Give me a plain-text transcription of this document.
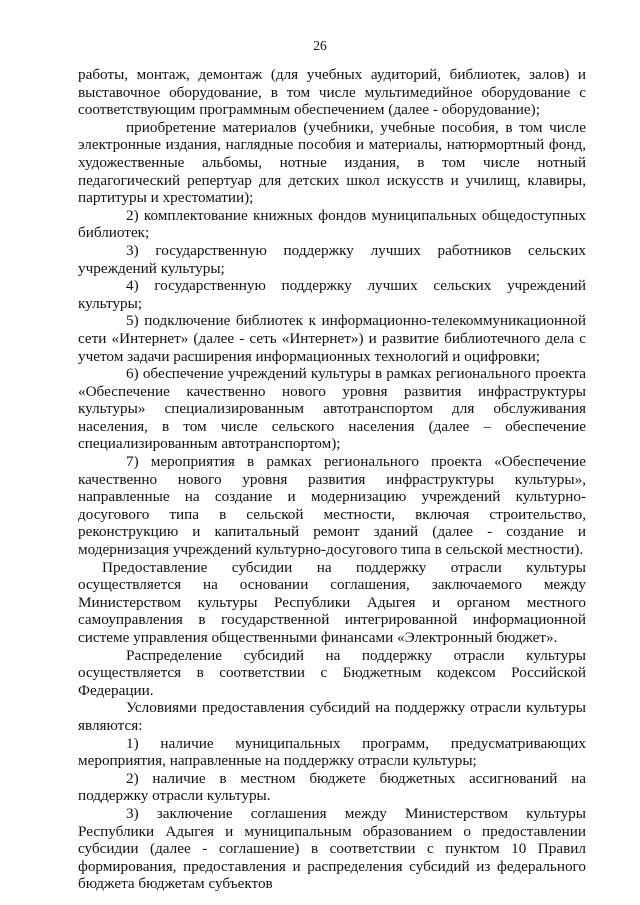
26

работы, монтаж, демонтаж (для учебных аудиторий, библиотек, залов) и выставочное оборудование, в том числе мультимедийное оборудование с соответствующим программным обеспечением (далее - оборудование);

приобретение материалов (учебники, учебные пособия, в том числе электронные издания, наглядные пособия и материалы, натюрмортный фонд, художественные альбомы, нотные издания, в том числе нотный педагогический репертуар для детских школ искусств и училищ, клавиры, партитуры и хрестоматии);

2) комплектование книжных фондов муниципальных общедоступных библиотек;

3) государственную поддержку лучших работников сельских учреждений культуры;

4) государственную поддержку лучших сельских учреждений культуры;

5) подключение библиотек к информационно-телекоммуникационной сети «Интернет» (далее - сеть «Интернет») и развитие библиотечного дела с учетом задачи расширения информационных технологий и оцифровки;

6) обеспечение учреждений культуры в рамках регионального проекта «Обеспечение качественно нового уровня развития инфраструктуры культуры» специализированным автотранспортом для обслуживания населения, в том числе сельского населения (далее – обеспечение специализированным автотранспортом);

7) мероприятия в рамках регионального проекта «Обеспечение качественно нового уровня развития инфраструктуры культуры», направленные на создание и модернизацию учреждений культурно-досугового типа в сельской местности, включая строительство, реконструкцию и капитальный ремонт зданий (далее - создание и модернизация учреждений культурно-досугового типа в сельской местности).

Предоставление субсидии на поддержку отрасли культуры осуществляется на основании соглашения, заключаемого между Министерством культуры Республики Адыгея и органом местного самоуправления в государственной интегрированной информационной системе управления общественными финансами «Электронный бюджет».

Распределение субсидий на поддержку отрасли культуры осуществляется в соответствии с Бюджетным кодексом Российской Федерации.

Условиями предоставления субсидий на поддержку отрасли культуры являются:

1) наличие муниципальных программ, предусматривающих мероприятия, направленные на поддержку отрасли культуры;

2) наличие в местном бюджете бюджетных ассигнований на поддержку отрасли культуры.

3) заключение соглашения между Министерством культуры Республики Адыгея и муниципальным образованием о предоставлении субсидии (далее - соглашение) в соответствии с пунктом 10 Правил формирования, предоставления и распределения субсидий из федерального бюджета бюджетам субъектов
